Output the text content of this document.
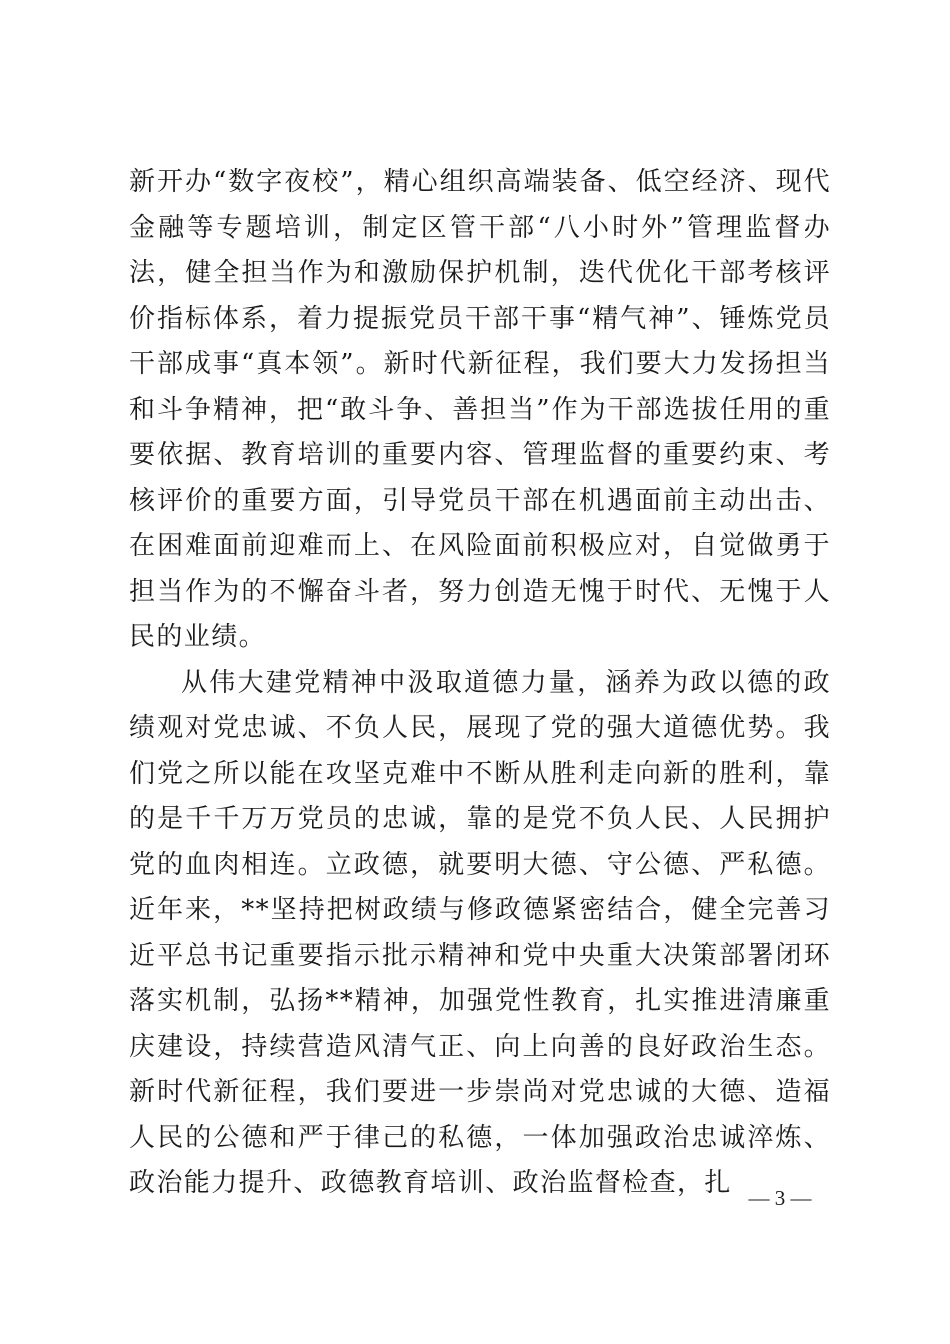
新开办“数字夜校”，精心组织高端装备、低空经济、现代金融等专题培训，制定区管干部“八小时外”管理监督办法，健全担当作为和激励保护机制，迭代优化干部考核评价指标体系，着力提振党员干部干事“精气神”、锤炼党员干部成事“真本领”。新时代新征程，我们要大力发扬担当和斗争精神，把“敢斗争、善担当”作为干部选拔任用的重要依据、教育培训的重要内容、管理监督的重要约束、考核评价的重要方面，引导党员干部在机遇面前主动出击、在困难面前迎难而上、在风险面前积极应对，自觉做勇于担当作为的不懈奋斗者，努力创造无愧于时代、无愧于人民的业绩。

从伟大建党精神中汲取道德力量，涵养为政以德的政绩观对党忠诚、不负人民，展现了党的强大道德优势。我们党之所以能在攻坚克难中不断从胜利走向新的胜利，靠的是千千万万党员的忠诚，靠的是党不负人民、人民拥护党的血肉相连。立政德，就要明大德、守公德、严私德。近年来，**坚持把树政绩与修政德紧密结合，健全完善习近平总书记重要指示批示精神和党中央重大决策部署闭环落实机制，弘扬**精神，加强党性教育，扎实推进清廉重庆建设，持续营造风清气正、向上向善的良好政治生态。新时代新征程，我们要进一步崇尚对党忠诚的大德、造福人民的公德和严于律己的私德，一体加强政治忠诚淬炼、政治能力提升、政德教育培训、政治监督检查，扎 — 3 —
